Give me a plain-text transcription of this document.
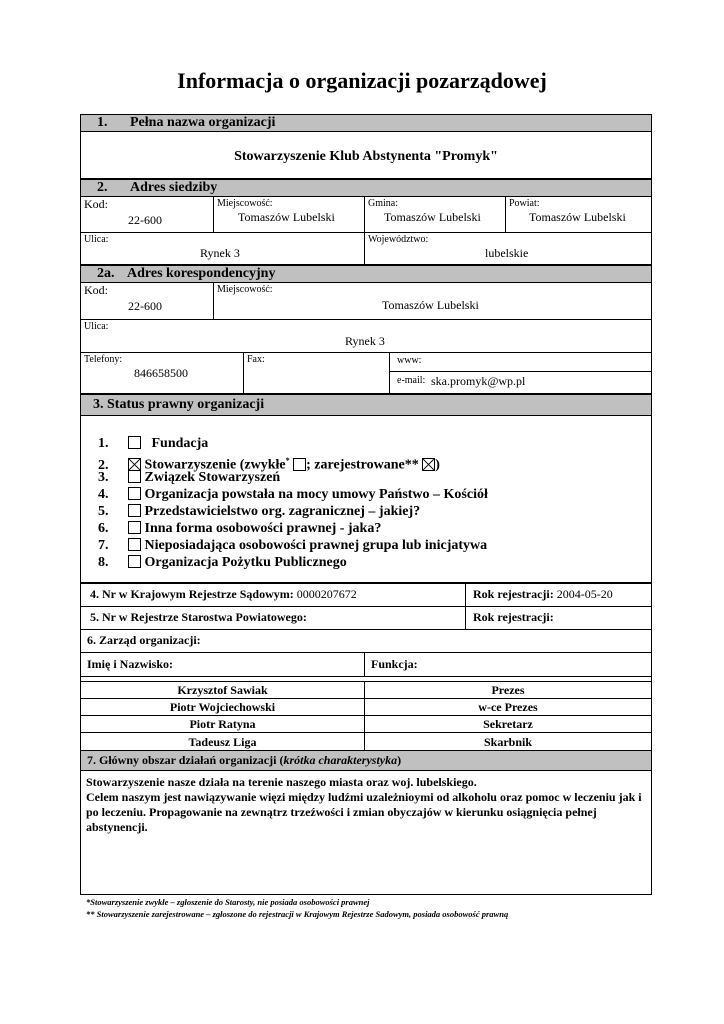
Informacja o organizacji pozarządowej
1. Pełna nazwa organizacji
Stowarzyszenie Klub Abstynenta "Promyk"
2. Adres siedziby
Kod:
22-600
Miejscowość:
Tomaszów Lubelski
Gmina:
Tomaszów Lubelski
Powiat:
Tomaszów Lubelski
Ulica:
Rynek 3
Województwo:
lubelskie
2a. Adres korespondencyjny
Kod:
22-600
Miejscowość:
Tomaszów Lubelski
Ulica:
Rynek 3
Telefony:
846658500
Fax:	www:
e-mail: ska.promyk@wp.pl
3. Status prawny organizacji
1.	Fundacja
2.	Stowarzyszenie (zwykłe* ; zarejestrowane** )
3.	Związek Stowarzyszeń
4.	Organizacja powstała na mocy umowy Państwo – Kościół
5.	Przedstawicielstwo org. zagranicznej – jakiej?
6.	Inna forma osobowości prawnej - jaka?
7.	Nieposiadająca osobowości prawnej grupa lub inicjatywa
8.	Organizacja Pożytku Publicznego
4. Nr w Krajowym Rejestrze Sądowym: 0000207672	Rok rejestracji: 2004-05-20
5. Nr w Rejestrze Starostwa Powiatowego:	Rok rejestracji:
6. Zarząd organizacji:
Imię i Nazwisko:	Funkcja:
Krzysztof Sawiak	Prezes
Piotr Wojciechowski	w-ce Prezes
Piotr Ratyna	Sekretarz
Tadeusz Liga	Skarbnik
7. Główny obszar działań organizacji (krótka charakterystyka)
Stowarzyszenie nasze działa na terenie naszego miasta oraz woj. lubelskiego.
Celem naszym jest nawiązywanie więzi między ludźmi uzależnioymi od alkoholu oraz pomoc w leczeniu jak i po leczeniu. Propagowanie na zewnątrz trzeźwości i zmian obyczajów w kierunku osiągnięcia pełnej abstynencji.
*Stowarzyszenie zwykłe – zgłoszenie do Starosty, nie posiada osobowości prawnej
** Stowarzyszenie zarejestrowane – zgłoszone do rejestracji w Krajowym Rejestrze Sadowym, posiada osobowość prawną
